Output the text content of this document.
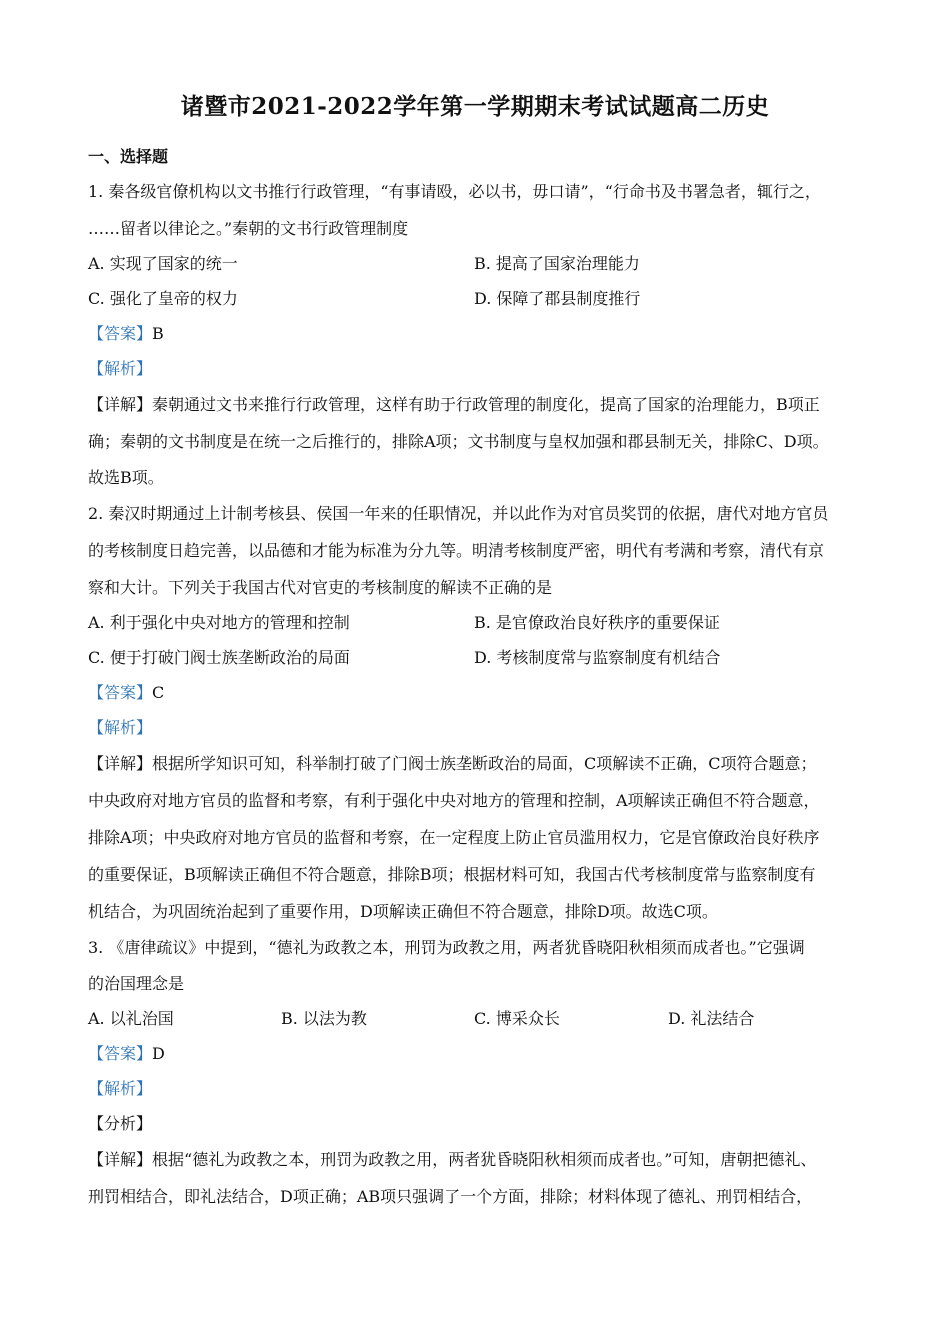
诸暨市2021-2022学年第一学期期末考试试题高二历史
一、选择题
1. 秦各级官僚机构以文书推行行政管理，“有事请殴，必以书，毋口请”，“行命书及书署急者，辄行之，
……留者以律论之。”秦朝的文书行政管理制度
A. 实现了国家的统一	B. 提高了国家治理能力
C. 强化了皇帝的权力	D. 保障了郡县制度推行
【答案】B
【解析】
【详解】秦朝通过文书来推行行政管理，这样有助于行政管理的制度化，提高了国家的治理能力，B项正
确；秦朝的文书制度是在统一之后推行的，排除A项；文书制度与皇权加强和郡县制无关，排除C、D项。
故选B项。
2. 秦汉时期通过上计制考核县、侯国一年来的任职情况，并以此作为对官员奖罚的依据，唐代对地方官员
的考核制度日趋完善，以品德和才能为标准为分九等。明清考核制度严密，明代有考满和考察，清代有京
察和大计。下列关于我国古代对官吏的考核制度的解读不正确的是
A. 利于强化中央对地方的管理和控制	B. 是官僚政治良好秩序的重要保证
C. 便于打破门阀士族垄断政治的局面	D. 考核制度常与监察制度有机结合
【答案】C
【解析】
【详解】根据所学知识可知，科举制打破了门阀士族垄断政治的局面，C项解读不正确，C项符合题意；
中央政府对地方官员的监督和考察，有利于强化中央对地方的管理和控制，A项解读正确但不符合题意，
排除A项；中央政府对地方官员的监督和考察，在一定程度上防止官员滥用权力，它是官僚政治良好秩序
的重要保证，B项解读正确但不符合题意，排除B项；根据材料可知，我国古代考核制度常与监察制度有
机结合，为巩固统治起到了重要作用，D项解读正确但不符合题意，排除D项。故选C项。
3. 《唐律疏议》中提到，“德礼为政教之本，刑罚为政教之用，两者犹昏晓阳秋相须而成者也。”它强调
的治国理念是
A. 以礼治国	B. 以法为教	C. 博采众长	D. 礼法结合
【答案】D
【解析】
【分析】
【详解】根据“德礼为政教之本，刑罚为政教之用，两者犹昏晓阳秋相须而成者也。”可知，唐朝把德礼、
刑罚相结合，即礼法结合，D项正确；AB项只强调了一个方面，排除；材料体现了德礼、刑罚相结合，
